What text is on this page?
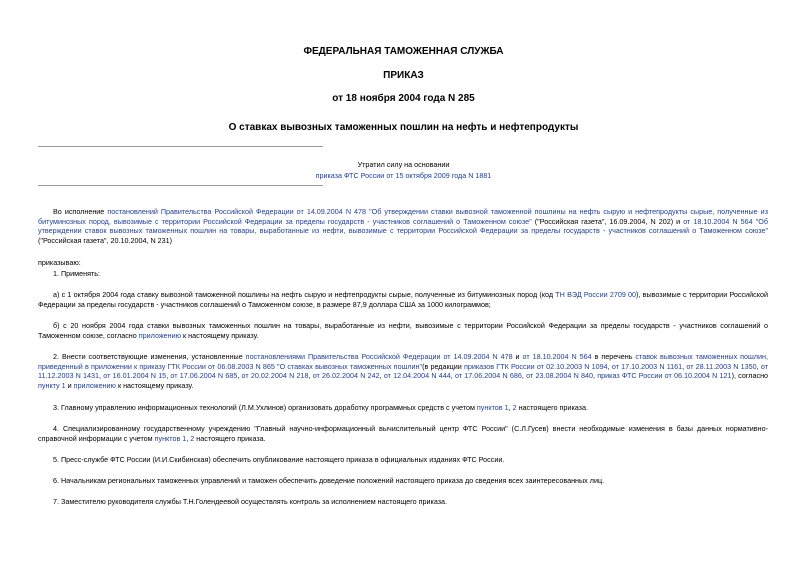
ФЕДЕРАЛЬНАЯ ТАМОЖЕННАЯ СЛУЖБА
ПРИКАЗ
от 18 ноября 2004 года N 285
О ставках вывозных таможенных пошлин на нефть и нефтепродукты
Утратил силу на основании
приказа ФТС России от 15 октября 2009 года N 1881
Во исполнение постановлений Правительства Российской Федерации от 14.09.2004 N 478 "Об утверждении ставки вывозной таможенной пошлины на нефть сырую и нефтепродукты сырые, полученные из битуминозных пород, вывозимые с территории Российской Федерации за пределы государств - участников соглашений о Таможенном союзе" ("Российская газета", 16.09.2004, N 202) и от 18.10.2004 N 564 "Об утверждении ставок вывозных таможенных пошлин на товары, выработанные из нефти, вывозимые с территории Российской Федерации за пределы государств - участников соглашений о Таможенном союзе" ("Российская газета", 20.10.2004, N 231)
приказываю:
1. Применять:
а) с 1 октября 2004 года ставку вывозной таможенной пошлины на нефть сырую и нефтепродукты сырые, полученные из битуминозных пород (код ТН ВЭД России 2709 00), вывозимые с территории Российской Федерации за пределы государств - участников соглашений о Таможенном союзе, в размере 87,9 доллара США за 1000 килограммов;
б) с 20 ноября 2004 года ставки вывозных таможенных пошлин на товары, выработанные из нефти, вывозимые с территории Российской Федерации за пределы государств - участников соглашений о Таможенном союзе, согласно приложению к настоящему приказу.
2. Внести соответствующие изменения, установленные постановлениями Правительства Российской Федерации от 14.09.2004 N 478 и от 18.10.2004 N 564 в перечень ставок вывозных таможенных пошлин, приведенный в приложении к приказу ГТК России от 06.08.2003 N 865 "О ставках вывозных таможенных пошлин"(в редакции приказов ГТК России от 02.10.2003 N 1094, от 17.10.2003 N 1161, от 28.11.2003 N 1350, от 11.12.2003 N 1431, от 16.01.2004 N 15, от 17.06.2004 N 685, от 20.02.2004 N 218, от 26.02.2004 N 242, от 12.04.2004 N 444, от 17.06.2004 N 686, от 23.08.2004 N 840, приказ ФТС России от 06.10.2004 N 121), согласно пункту 1 и приложению к настоящему приказу.
3. Главному управлению информационных технологий (Л.М.Ухлинов) организовать доработку программных средств с учетом пунктов 1, 2 настоящего приказа.
4. Специализированному государственному учреждению "Главный научно-информационный вычислительный центр ФТС России" (С.Л.Гусев) внести необходимые изменения в базы данных нормативно-справочной информации с учетом пунктов 1, 2 настоящего приказа.
5. Пресс-службе ФТС России (И.И.Скибинская) обеспечить опубликование настоящего приказа в официальных изданиях ФТС России.
6. Начальникам региональных таможенных управлений и таможен обеспечить доведение положений настоящего приказа до сведения всех заинтересованных лиц.
7. Заместителю руководителя службы Т.Н.Голендеевой осуществлять контроль за исполнением настоящего приказа.
